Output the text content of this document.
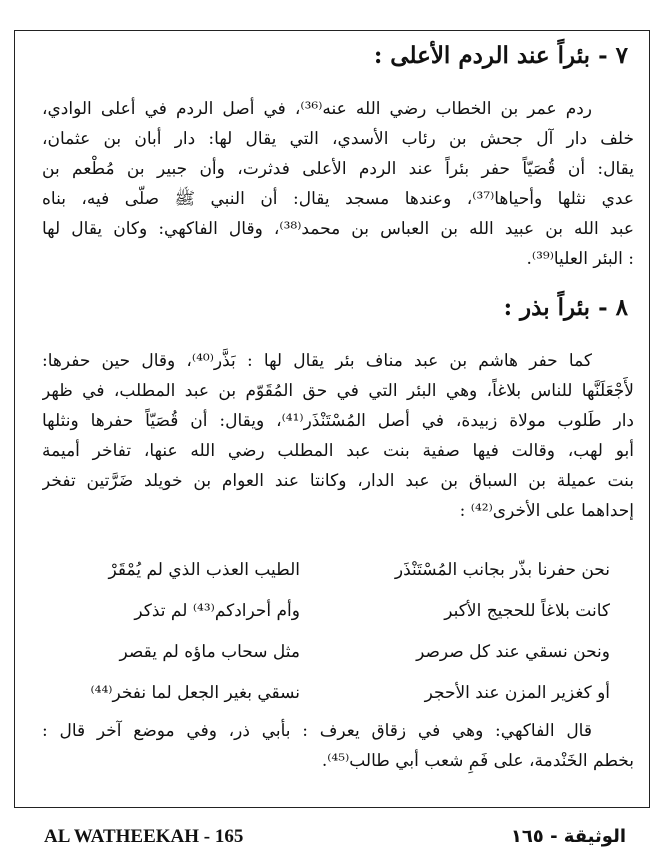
٧ - بئراً عند الردم الأعلى :
ردم عمر بن الخطاب رضي الله عنه⁽³⁶⁾، في أصل الردم في أعلى الوادي،
خلف دار آل جحش بن رئاب الأسدي، التي يقال لها: دار أبان بن عثمان،
يقال: أن قُصَيّاً حفر بئراً عند الردم الأعلى فدثرت، وأن جبير بن مُطْعم بن
عدي نثلها وأحياها⁽³⁷⁾، وعندها مسجد يقال: أن النبي ﷺ صلّى فيه، بناه
عبد الله بن عبيد الله بن العباس بن محمد⁽³⁸⁾، وقال الفاكهي: وكان يقال لها
: البئر العليا⁽³⁹⁾.
٨ - بئراً بذر :
كما حفر هاشم بن عبد مناف بئر يقال لها : بَذَّر⁽⁴⁰⁾، وقال حين حفرها:
لأَجْعَلَنَّها للناس بلاغاً، وهي البئر التي في حق المُقَوّم بن عبد المطلب، في ظهر
دار طَلوب مولاة زبيدة، في أصل المُسْتَنْذَر⁽⁴¹⁾، ويقال: أن قُصَيّاً حفرها ونثلها
أبو لهب، وقالت فيها صفية بنت عبد المطلب رضي الله عنها، تفاخر أميمة
بنت عميلة بن السباق بن عبد الدار، وكانتا عند العوام بن خويلد ضَرَّتين تفخر
إحداهما على الأخرى⁽⁴²⁾ :
نحن حفرنا بذّر بجانب المُسْتَنْذَر
الطيب العذب الذي لم يُمْقَرْ
كانت بلاغاً للحجيج الأكبر
وأم أحرادكم⁽⁴³⁾ لم تذكر
ونحن نسقي عند كل صرصر
مثل سحاب ماؤه لم يقصر
أو كغزير المزن عند الأحجر
نسقي بغير الجعل لما نفخر⁽⁴⁴⁾
قال الفاكهي: وهي في زقاق يعرف : بأبي ذر، وفي موضع آخر قال :
بخطم الخَنْدمة، على فَمِ شعب أبي طالب⁽⁴⁵⁾.
AL WATHEEKAH - 165	الوثيقة - ١٦٥
